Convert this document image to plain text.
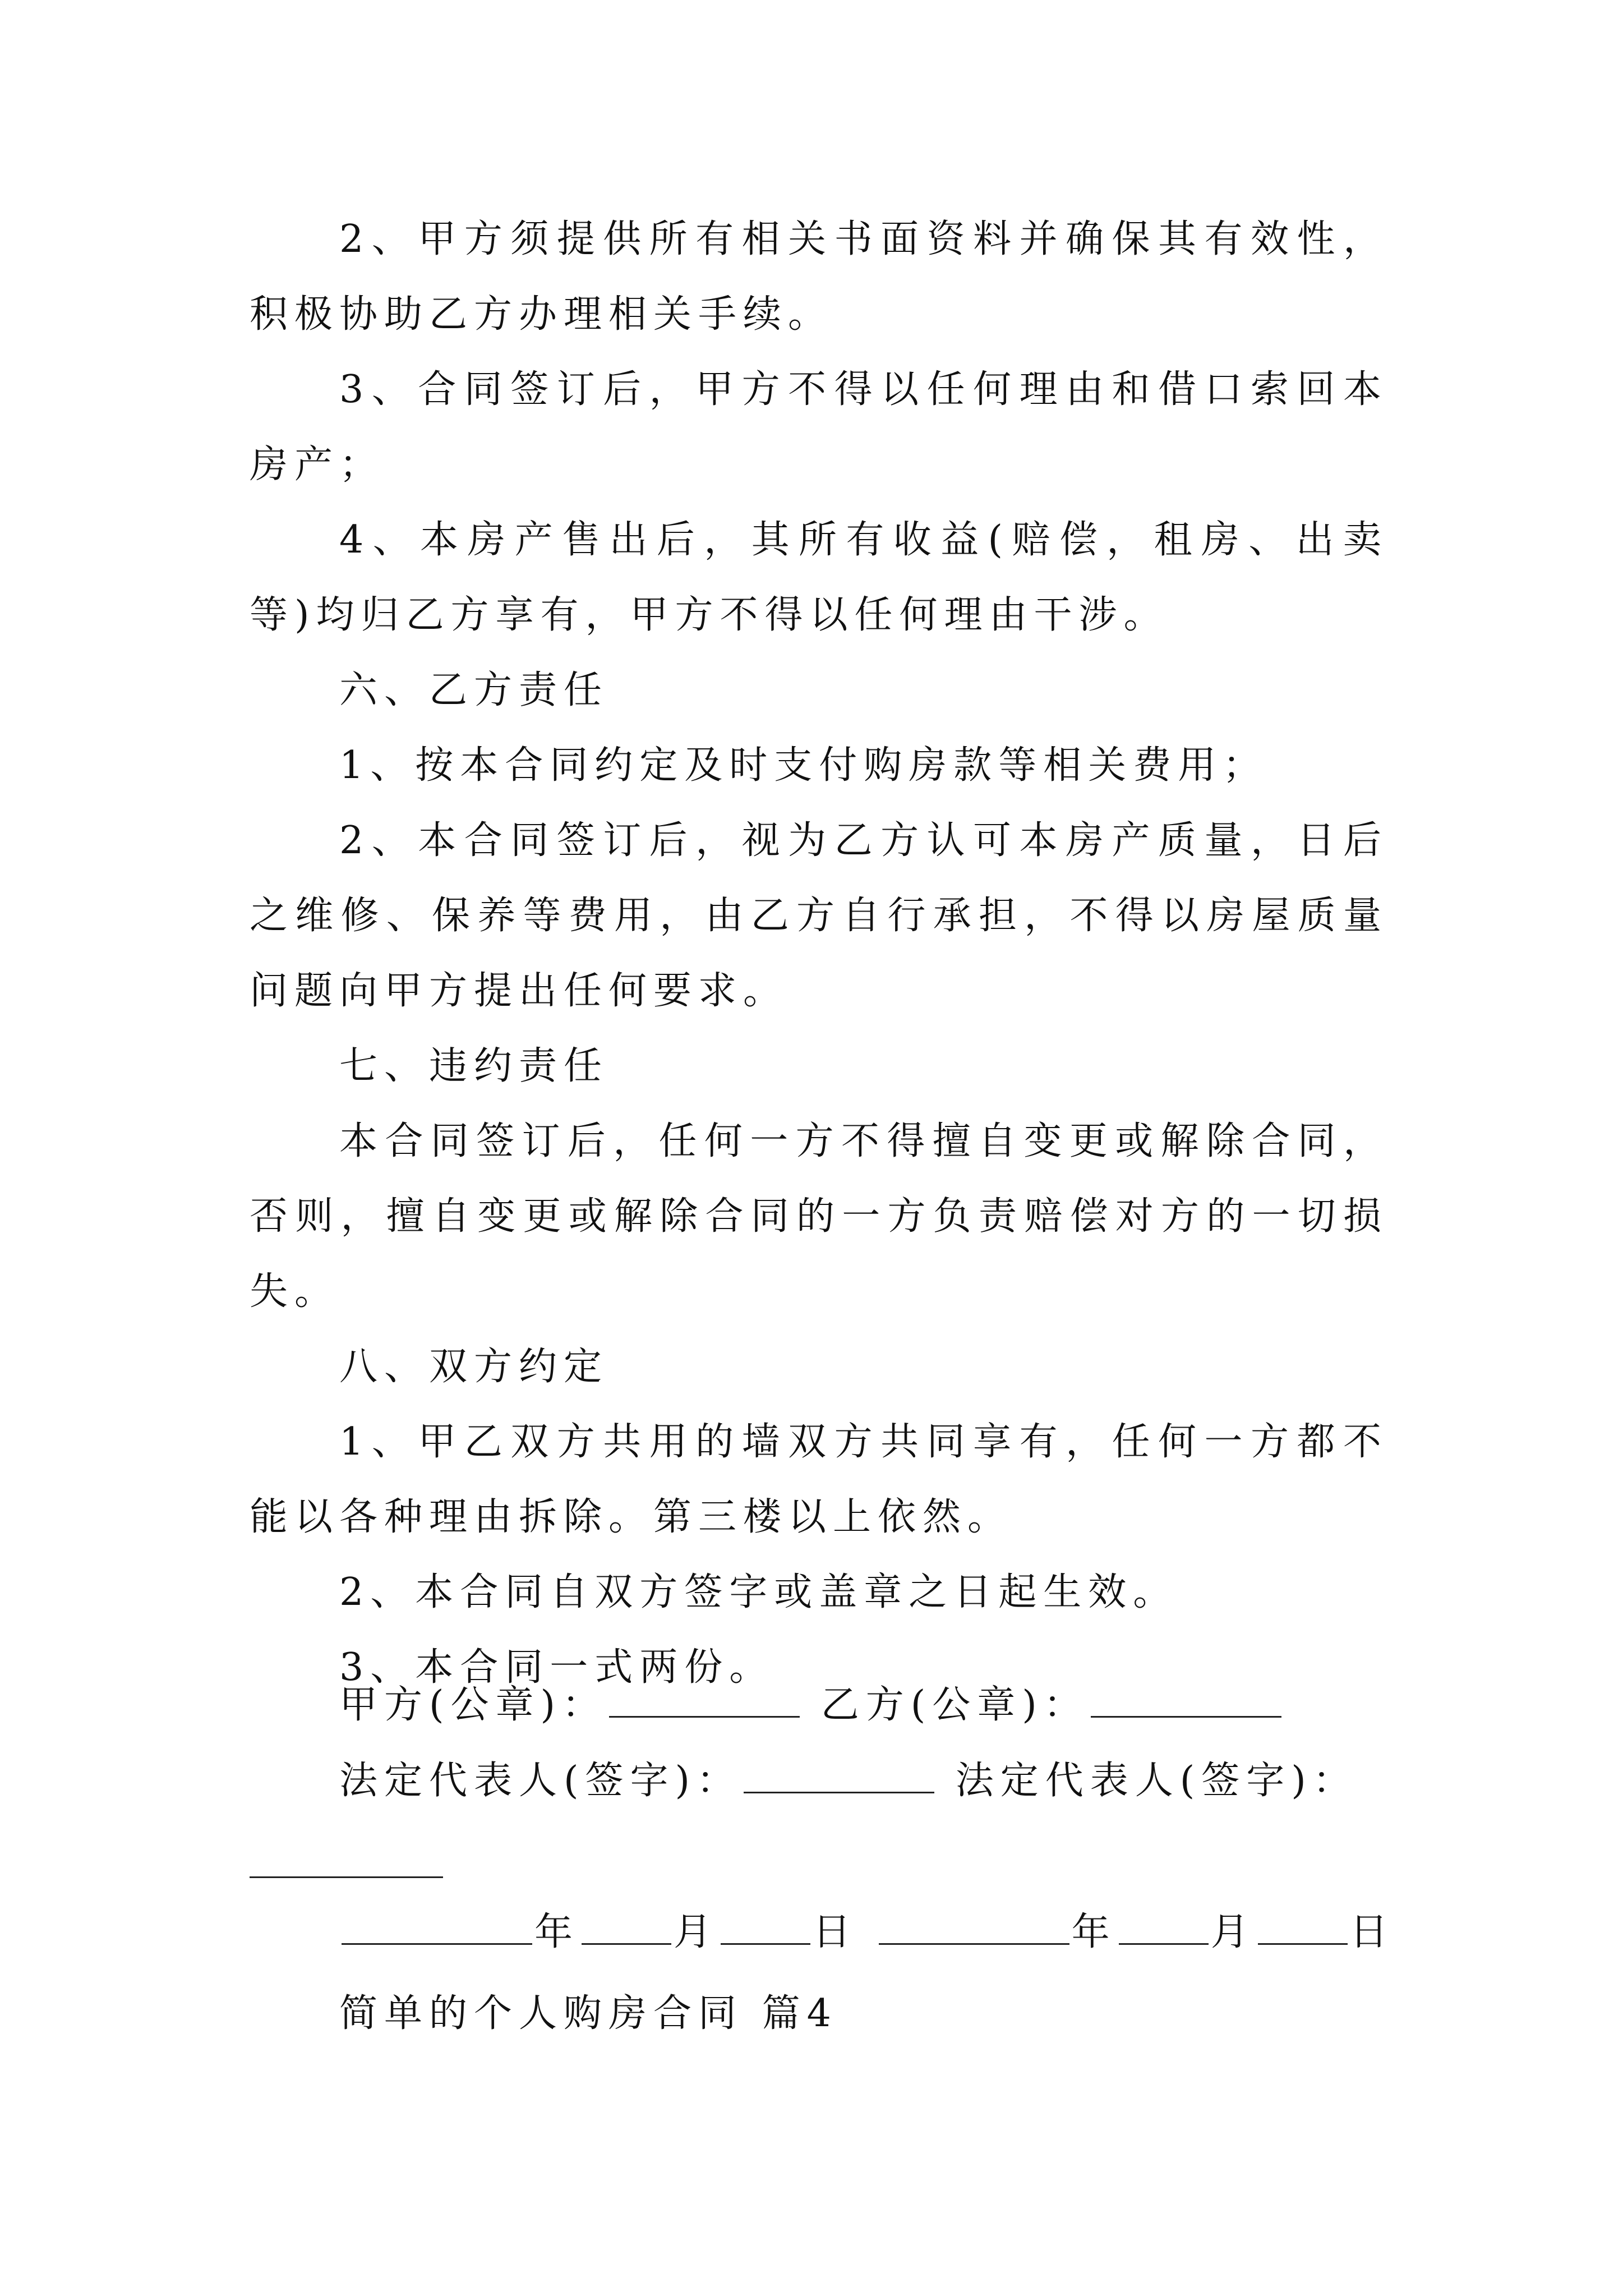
2、甲方须提供所有相关书面资料并确保其有效性，积极协助乙方办理相关手续。

3、合同签订后，甲方不得以任何理由和借口索回本房产；

4、本房产售出后，其所有收益(赔偿，租房、出卖等)均归乙方享有，甲方不得以任何理由干涉。

六、乙方责任

1、按本合同约定及时支付购房款等相关费用；

2、本合同签订后，视为乙方认可本房产质量，日后之维修、保养等费用，由乙方自行承担，不得以房屋质量问题向甲方提出任何要求。

七、违约责任

本合同签订后，任何一方不得擅自变更或解除合同，否则，擅自变更或解除合同的一方负责赔偿对方的一切损失。

八、双方约定

1、甲乙双方共用的墙双方共同享有，任何一方都不能以各种理由拆除。第三楼以上依然。

2、本合同自双方签字或盖章之日起生效。

3、本合同一式两份。

甲方(公章)：	乙方(公章)：
法定代表人(签字)：	法定代表人(签字)：
年 月 日	年 月 日
简单的个人购房合同 篇4
